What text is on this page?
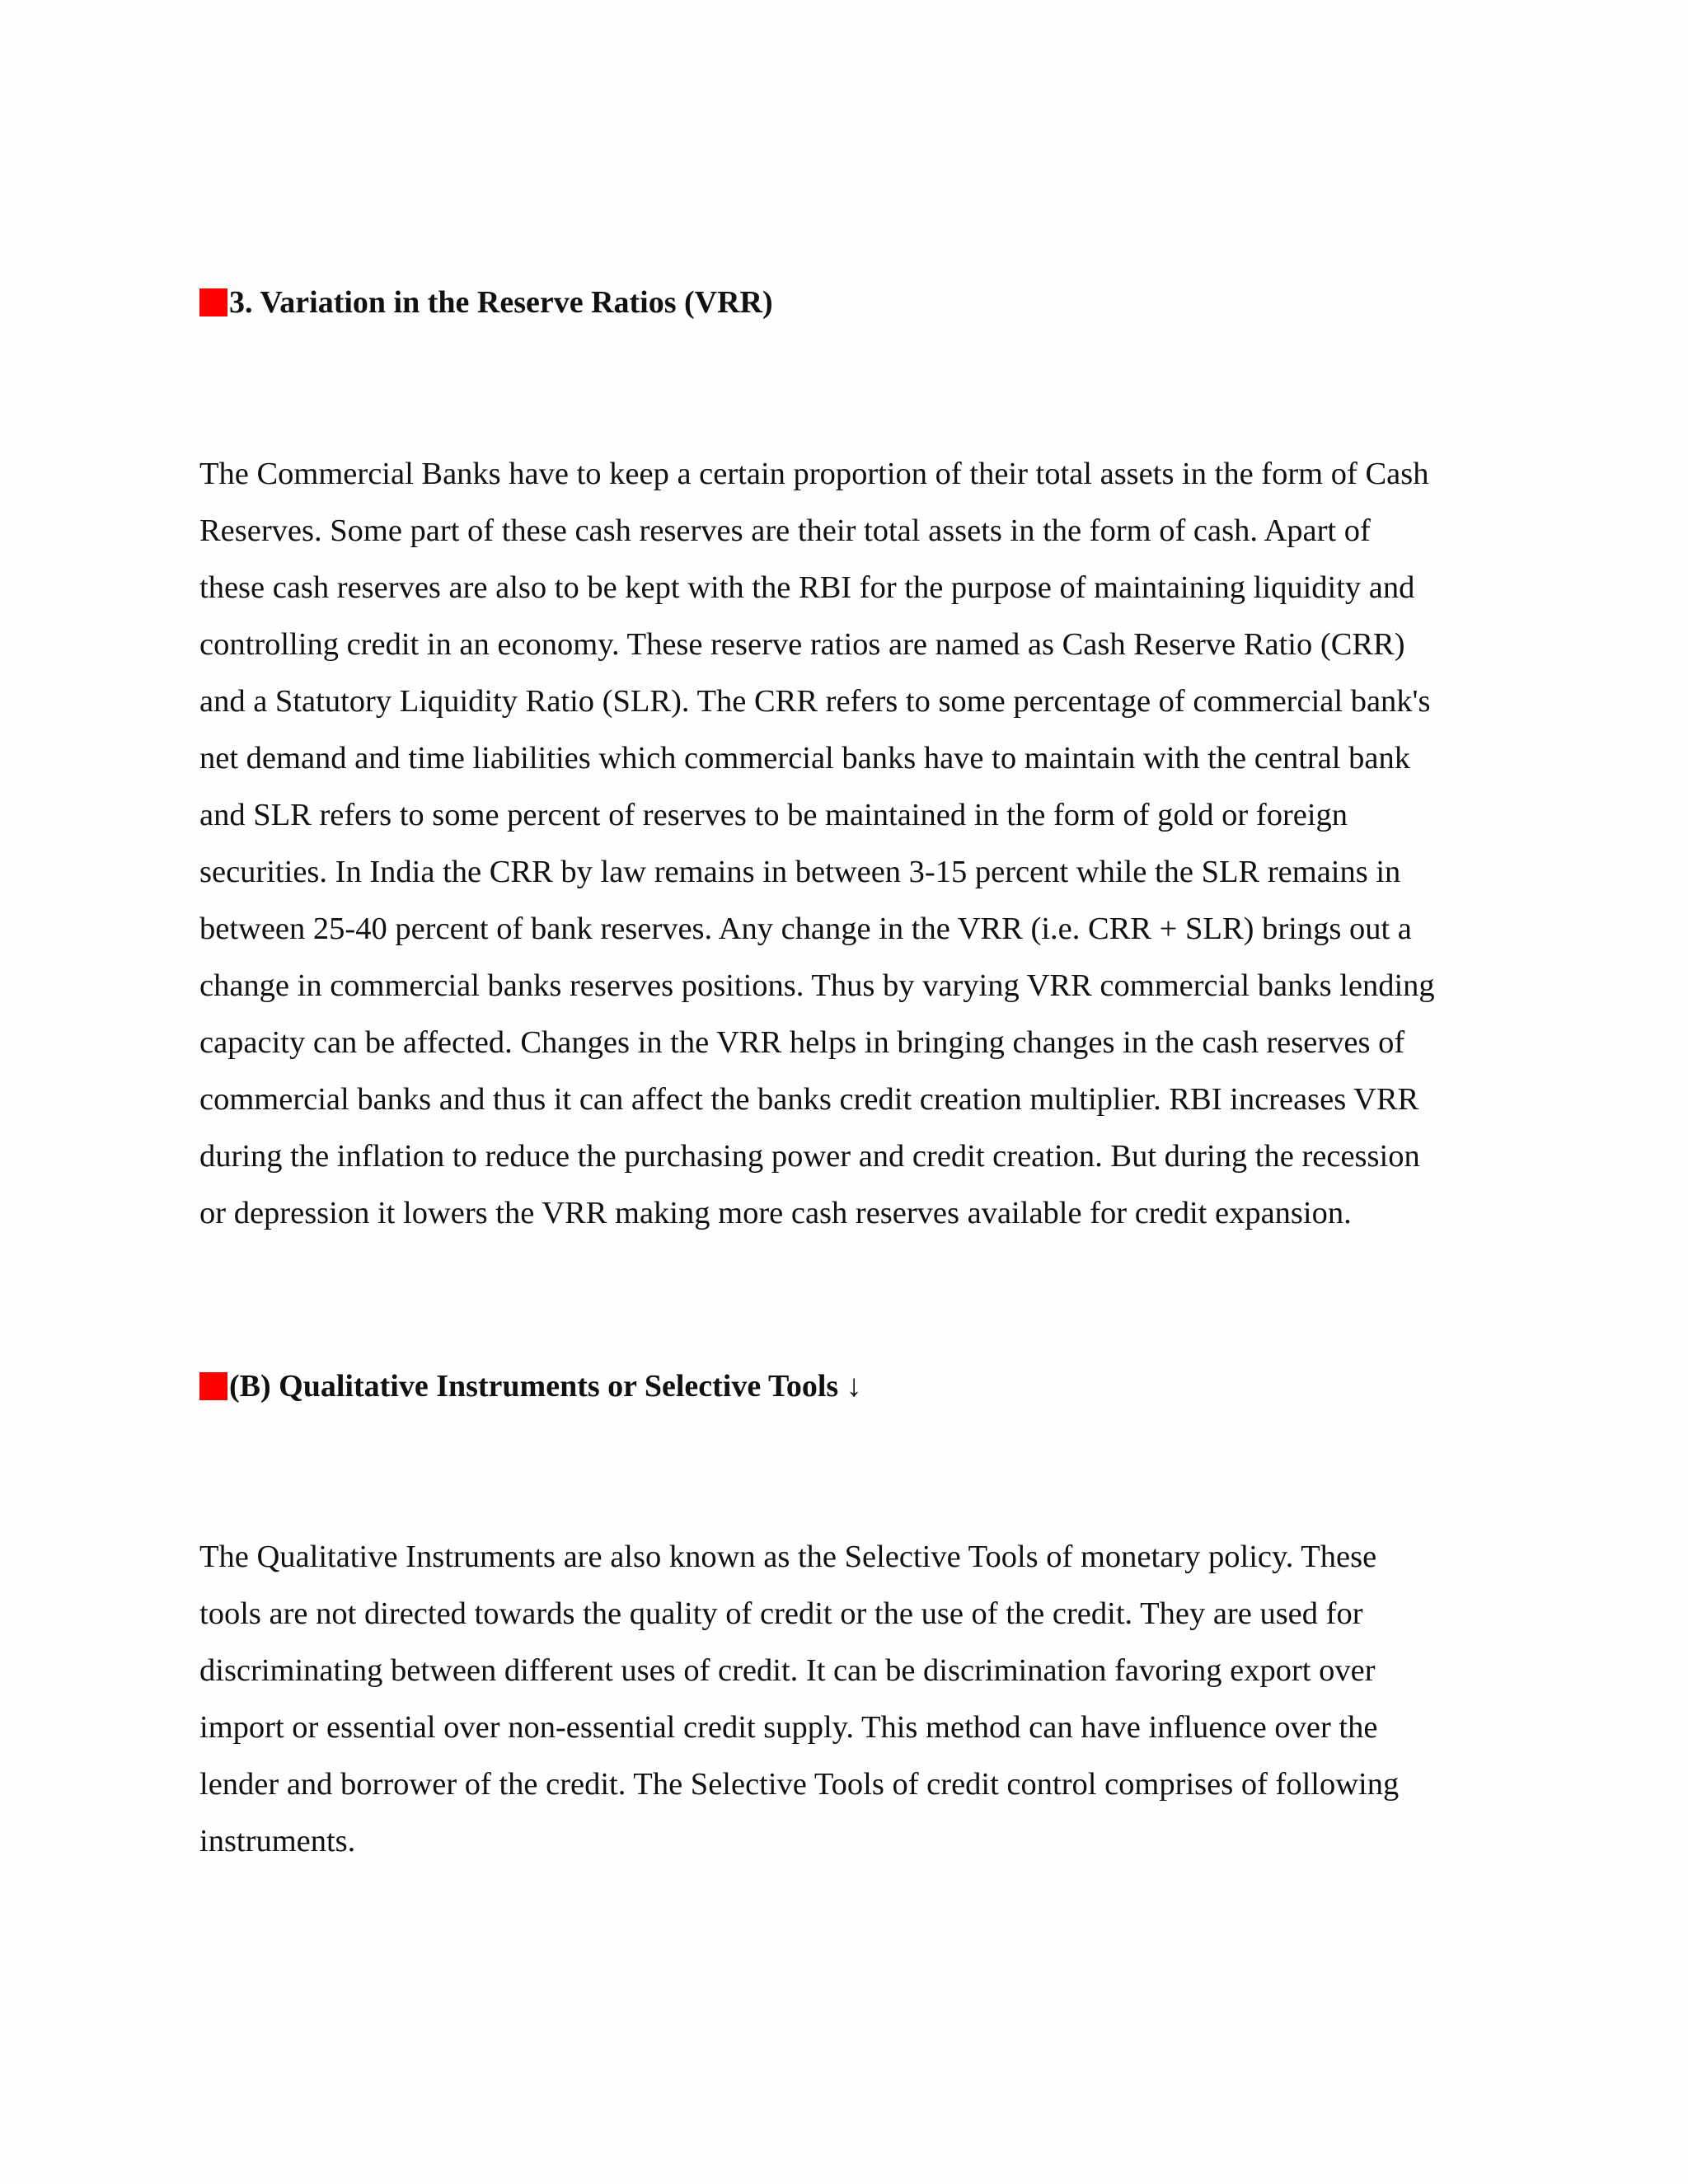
3. Variation in the Reserve Ratios (VRR)
The Commercial Banks have to keep a certain proportion of their total assets in the form of Cash
Reserves. Some part of these cash reserves are their total assets in the form of cash. Apart of
these cash reserves are also to be kept with the RBI for the purpose of maintaining liquidity and
controlling credit in an economy. These reserve ratios are named as Cash Reserve Ratio (CRR)
and a Statutory Liquidity Ratio (SLR). The CRR refers to some percentage of commercial bank's
net demand and time liabilities which commercial banks have to maintain with the central bank
and SLR refers to some percent of reserves to be maintained in the form of gold or foreign
securities. In India the CRR by law remains in between 3-15 percent while the SLR remains in
between 25-40 percent of bank reserves. Any change in the VRR (i.e. CRR + SLR) brings out a
change in commercial banks reserves positions. Thus by varying VRR commercial banks lending
capacity can be affected. Changes in the VRR helps in bringing changes in the cash reserves of
commercial banks and thus it can affect the banks credit creation multiplier. RBI increases VRR
during the inflation to reduce the purchasing power and credit creation. But during the recession
or depression it lowers the VRR making more cash reserves available for credit expansion.
(B) Qualitative Instruments or Selective Tools ↓
The Qualitative Instruments are also known as the Selective Tools of monetary policy. These
tools are not directed towards the quality of credit or the use of the credit. They are used for
discriminating between different uses of credit. It can be discrimination favoring export over
import or essential over non-essential credit supply. This method can have influence over the
lender and borrower of the credit. The Selective Tools of credit control comprises of following
instruments.
